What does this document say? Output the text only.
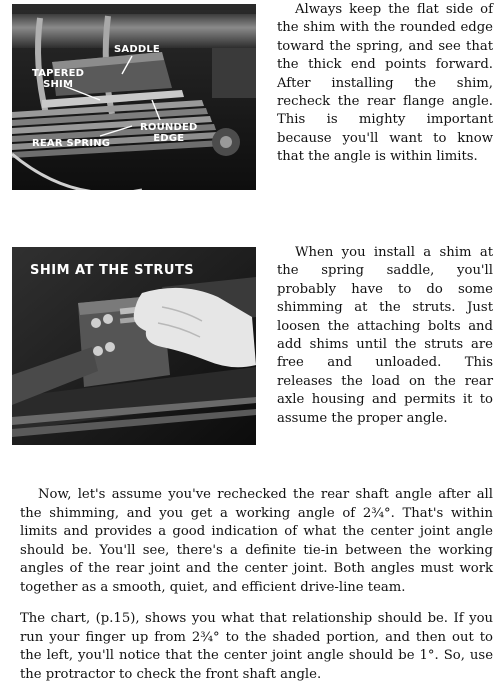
SADDLE
TAPERED
SHIM
REAR SPRING
ROUNDED
EDGE

Always keep the flat side of the shim with the rounded edge toward the spring, and see that the thick end points forward. After installing the shim, recheck the rear flange angle. This is mighty important because you'll want to know that the angle is within limits.

SHIM AT THE STRUTS

When you install a shim at the spring saddle, you'll probably have to do some shimming at the struts. Just loosen the attaching bolts and add shims until the struts are free and unloaded. This releases the load on the rear axle housing and permits it to assume the proper angle.

Now, let's assume you've rechecked the rear shaft angle after all the shimming, and you get a working angle of 2¾°. That's within limits and provides a good indication of what the center joint angle should be. You'll see, there's a definite tie-in between the working angles of the rear joint and the center joint. Both angles must work together as a smooth, quiet, and efficient drive-line team.

The chart, (p.15), shows you what that relationship should be. If you run your finger up from 2¾° to the shaded portion, and then out to the left, you'll notice that the center joint angle should be 1°. So, use the protractor to check the front shaft angle.
